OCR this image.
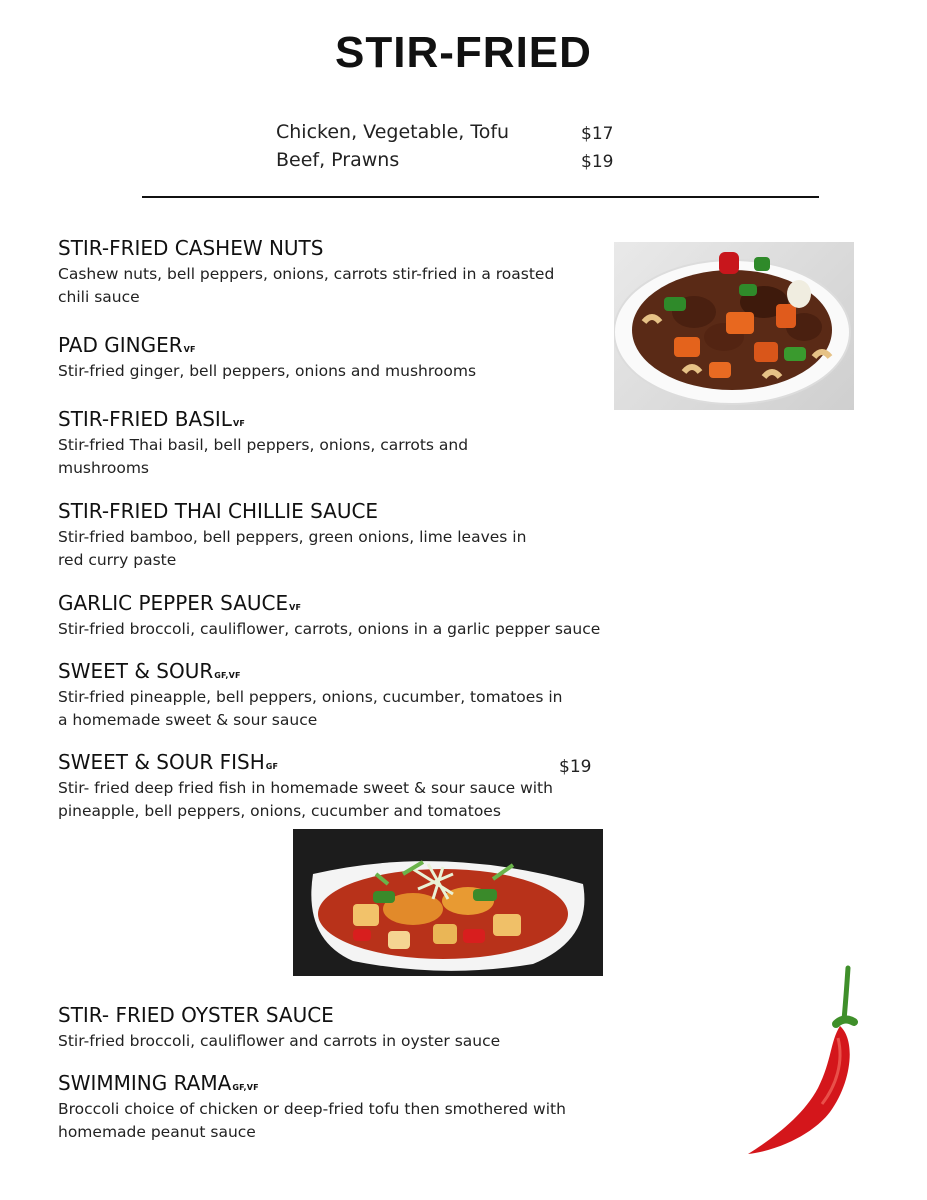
STIR-FRIED
Chicken, Vegetable, Tofu	$17
Beef, Prawns	$19
STIR-FRIED CASHEW NUTS
Cashew nuts, bell peppers, onions, carrots stir-fried in a roasted chili sauce
PAD GINGERVF
Stir-fried ginger, bell peppers, onions and mushrooms
STIR-FRIED BASILVF
Stir-fried Thai basil, bell peppers, onions, carrots and mushrooms
STIR-FRIED THAI CHILLIE SAUCE
Stir-fried bamboo, bell peppers, green onions, lime leaves in red curry paste
GARLIC PEPPER SAUCEVF
Stir-fried broccoli, cauliflower, carrots, onions in a garlic pepper sauce
SWEET & SOURGF,VF
Stir-fried pineapple, bell peppers, onions, cucumber, tomatoes in a homemade sweet & sour sauce
SWEET & SOUR FISHGF
Stir- fried deep fried fish in homemade sweet & sour sauce with pineapple, bell peppers, onions, cucumber and tomatoes
$19
STIR- FRIED OYSTER SAUCE
Stir-fried broccoli, cauliflower and carrots in oyster sauce
SWIMMING RAMAGF,VF
Broccoli choice of chicken or deep-fried tofu then smothered with homemade peanut sauce
